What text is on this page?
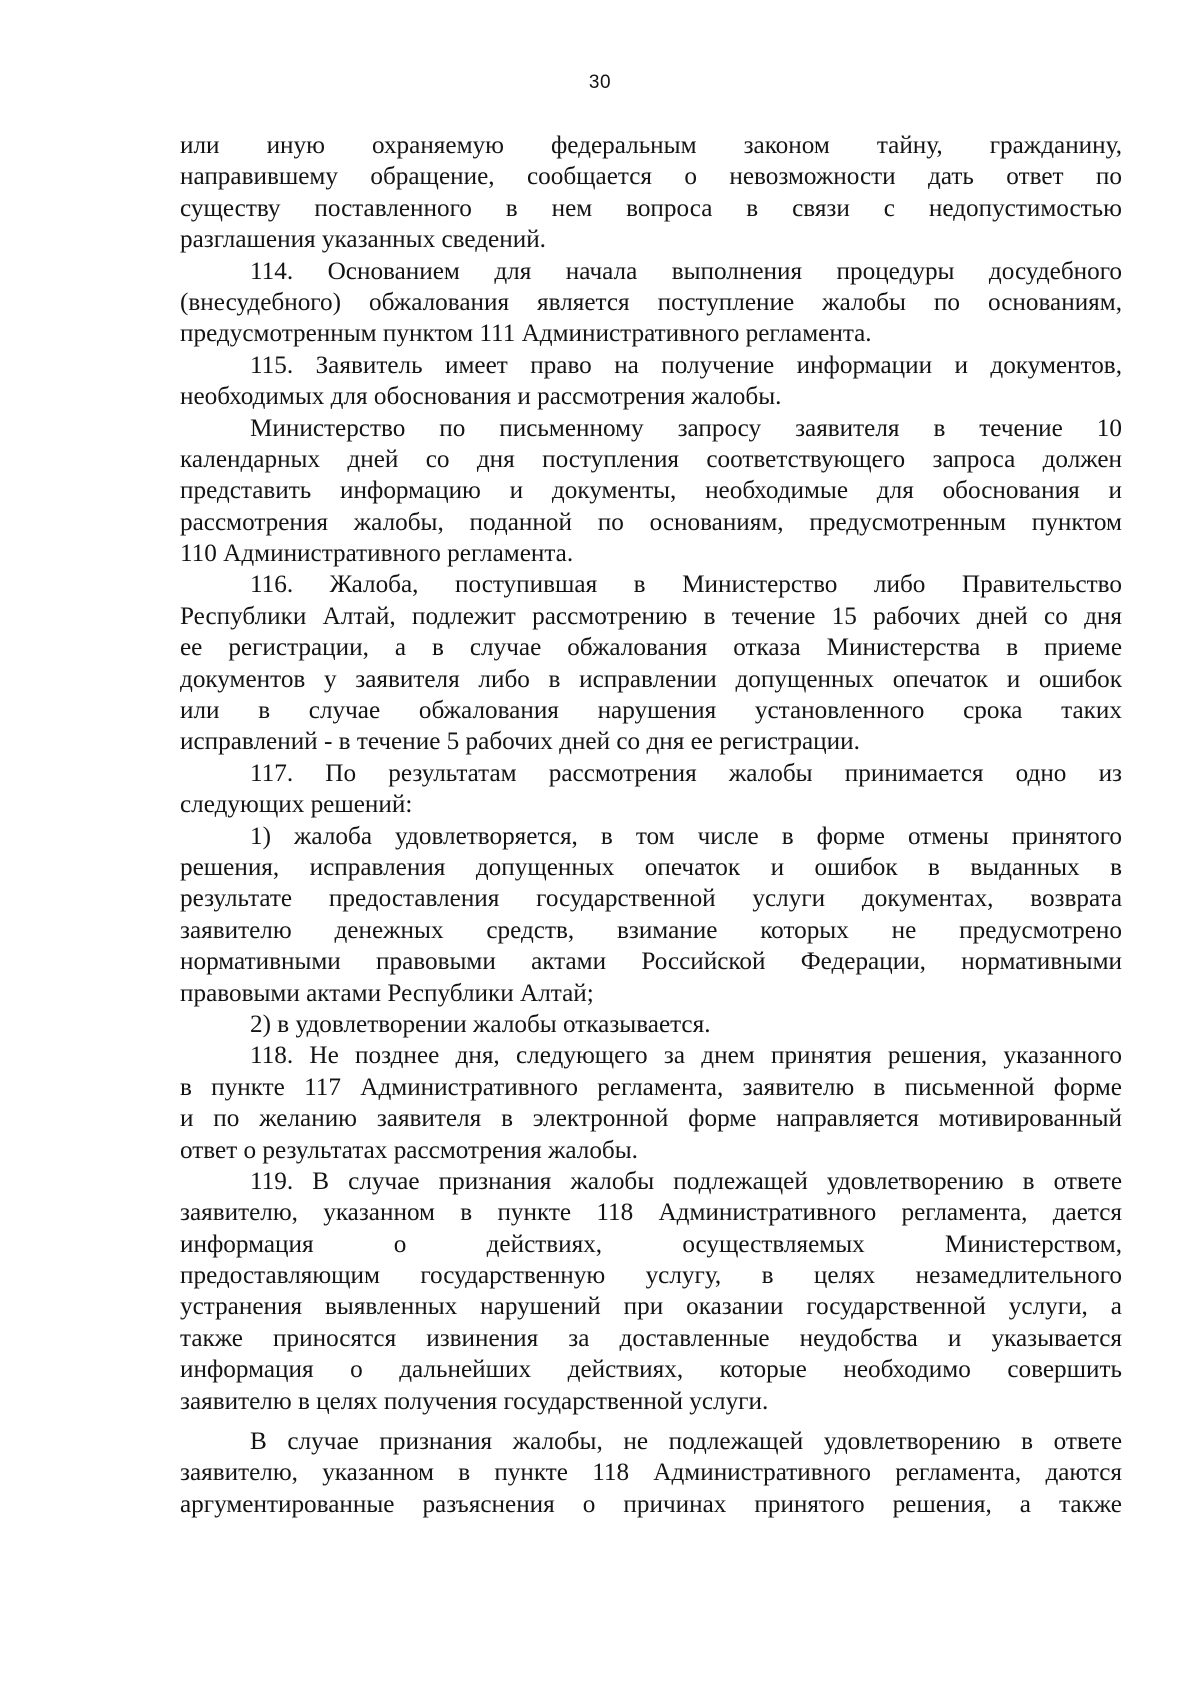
30
или иную охраняемую федеральным законом тайну, гражданину,
направившему обращение, сообщается о невозможности дать ответ по
существу поставленного в нем вопроса в связи с недопустимостью
разглашения указанных сведений.
114. Основанием для начала выполнения процедуры досудебного
(внесудебного) обжалования является поступление жалобы по основаниям,
предусмотренным пунктом 111 Административного регламента.
115. Заявитель имеет право на получение информации и документов,
необходимых для обоснования и рассмотрения жалобы.
Министерство по письменному запросу заявителя в течение 10
календарных дней со дня поступления соответствующего запроса должен
представить информацию и документы, необходимые для обоснования и
рассмотрения жалобы, поданной по основаниям, предусмотренным пунктом
110 Административного регламента.
116. Жалоба, поступившая в Министерство либо Правительство
Республики Алтай, подлежит рассмотрению в течение 15 рабочих дней со дня
ее регистрации, а в случае обжалования отказа Министерства в приеме
документов у заявителя либо в исправлении допущенных опечаток и ошибок
или в случае обжалования нарушения установленного срока таких
исправлений - в течение 5 рабочих дней со дня ее регистрации.
117. По результатам рассмотрения жалобы принимается одно из
следующих решений:
1) жалоба удовлетворяется, в том числе в форме отмены принятого
решения, исправления допущенных опечаток и ошибок в выданных в
результате предоставления государственной услуги документах, возврата
заявителю денежных средств, взимание которых не предусмотрено
нормативными правовыми актами Российской Федерации, нормативными
правовыми актами Республики Алтай;
2) в удовлетворении жалобы отказывается.
118. Не позднее дня, следующего за днем принятия решения, указанного
в пункте 117 Административного регламента, заявителю в письменной форме
и по желанию заявителя в электронной форме направляется мотивированный
ответ о результатах рассмотрения жалобы.
119. В случае признания жалобы подлежащей удовлетворению в ответе
заявителю, указанном в пункте 118 Административного регламента, дается
информация о действиях, осуществляемых Министерством,
предоставляющим государственную услугу, в целях незамедлительного
устранения выявленных нарушений при оказании государственной услуги, а
также приносятся извинения за доставленные неудобства и указывается
информация о дальнейших действиях, которые необходимо совершить
заявителю в целях получения государственной услуги.
В случае признания жалобы, не подлежащей удовлетворению в ответе
заявителю, указанном в пункте 118 Административного регламента, даются
аргументированные разъяснения о причинах принятого решения, а также
